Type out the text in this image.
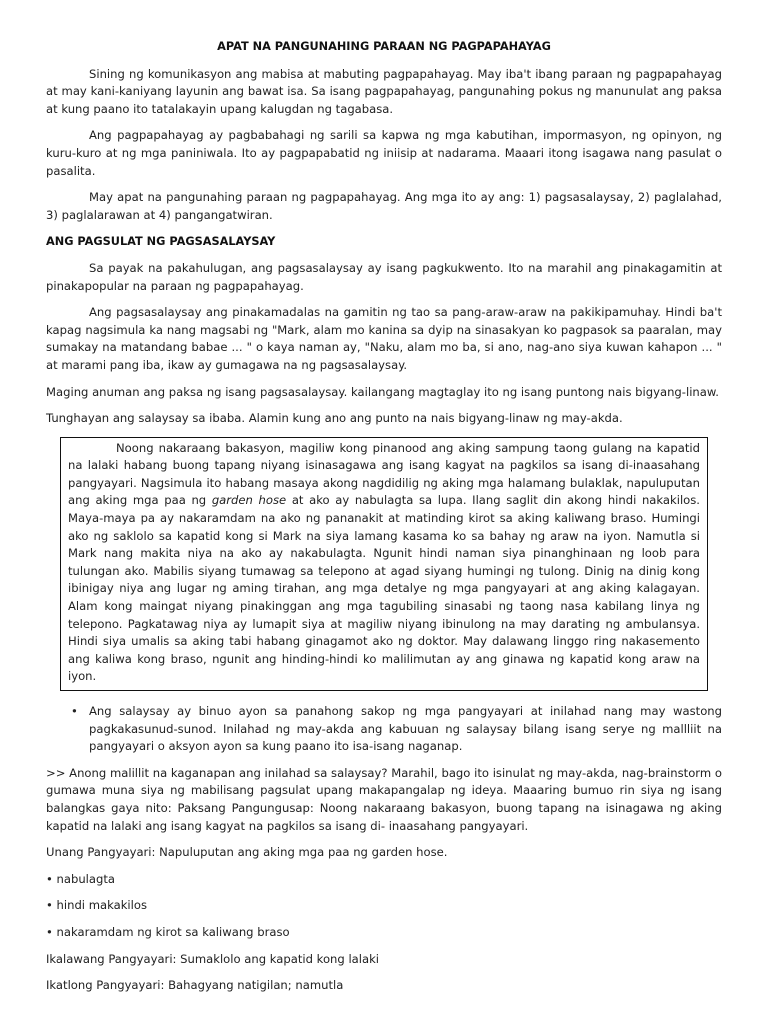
APAT NA PANGUNAHING PARAAN NG PAGPAPAHAYAG

Sining ng komunikasyon ang mabisa at mabuting pagpapahayag. May iba't ibang paraan ng pagpapahayag at may kani-kaniyang layunin ang bawat isa. Sa isang pagpapahayag, pangunahing pokus ng manunulat ang paksa at kung paano ito tatalakayin upang kalugdan ng tagabasa.

Ang pagpapahayag ay pagbabahagi ng sarili sa kapwa ng mga kabutihan, impormasyon, ng opinyon, ng kuru-kuro at ng mga paniniwala. Ito ay pagpapabatid ng iniisip at nadarama. Maaari itong isagawa nang pasulat o pasalita.

May apat na pangunahing paraan ng pagpapahayag. Ang mga ito ay ang: 1) pagsasalaysay, 2) paglalahad, 3) paglalarawan at 4) pangangatwiran.

ANG PAGSULAT NG PAGSASALAYSAY

Sa payak na pakahulugan, ang pagsasalaysay ay isang pagkukwento. Ito na marahil ang pinakagamitin at pinakapopular na paraan ng pagpapahayag.

Ang pagsasalaysay ang pinakamadalas na gamitin ng tao sa pang-araw-araw na pakikipamuhay. Hindi ba't kapag nagsimula ka nang magsabi ng "Mark, alam mo kanina sa dyip na sinasakyan ko pagpasok sa paaralan, may sumakay na matandang babae ... " o kaya naman ay, "Naku, alam mo ba, si ano, nag-ano siya kuwan kahapon ... " at marami pang iba, ikaw ay gumagawa na ng pagsasalaysay.

Maging anuman ang paksa ng isang pagsasalaysay. kailangang magtaglay ito ng isang puntong nais bigyang-linaw.

Tunghayan ang salaysay sa ibaba. Alamin kung ano ang punto na nais bigyang-linaw ng may-akda.

Noong nakaraang bakasyon, magiliw kong pinanood ang aking sampung taong gulang na kapatid na lalaki habang buong tapang niyang isinasagawa ang isang kagyat na pagkilos sa isang di-inaasahang pangyayari. Nagsimula ito habang masaya akong nagdidilig ng aking mga halamang bulaklak, napuluputan ang aking mga paa ng garden hose at ako ay nabulagta sa lupa. Ilang saglit din akong hindi nakakilos. Maya-maya pa ay nakaramdam na ako ng pananakit at matinding kirot sa aking kaliwang braso. Humingi ako ng saklolo sa kapatid kong si Mark na siya lamang kasama ko sa bahay ng araw na iyon. Namutla si Mark nang makita niya na ako ay nakabulagta. Ngunit hindi naman siya pinanghinaan ng loob para tulungan ako. Mabilis siyang tumawag sa telepono at agad siyang humingi ng tulong. Dinig na dinig kong ibinigay niya ang lugar ng aming tirahan, ang mga detalye ng mga pangyayari at ang aking kalagayan. Alam kong maingat niyang pinakinggan ang mga tagubiling sinasabi ng taong nasa kabilang linya ng telepono. Pagkatawag niya ay lumapit siya at magiliw niyang ibinulong na may darating ng ambulansya. Hindi siya umalis sa aking tabi habang ginagamot ako ng doktor. May dalawang linggo ring nakasemento ang kaliwa kong braso, ngunit ang hinding-hindi ko malilimutan ay ang ginawa ng kapatid kong araw na iyon.

• Ang salaysay ay binuo ayon sa panahong sakop ng mga pangyayari at inilahad nang may wastong pagkakasunud-sunod. Inilahad ng may-akda ang kabuuan ng salaysay bilang isang serye ng mallliit na pangyayari o aksyon ayon sa kung paano ito isa-isang naganap.

>> Anong malillit na kaganapan ang inilahad sa salaysay? Marahil, bago ito isinulat ng may-akda, nag-brainstorm o gumawa muna siya ng mabilisang pagsulat upang makapangalap ng ideya. Maaaring bumuo rin siya ng isang balangkas gaya nito: Paksang Pangungusap: Noong nakaraang bakasyon, buong tapang na isinagawa ng aking kapatid na lalaki ang isang kagyat na pagkilos sa isang di- inaasahang pangyayari.

Unang Pangyayari: Napuluputan ang aking mga paa ng garden hose.

• nabulagta

• hindi makakilos

• nakaramdam ng kirot sa kaliwang braso

Ikalawang Pangyayari: Sumaklolo ang kapatid kong lalaki

Ikatlong Pangyayari: Bahagyang natigilan; namutla
